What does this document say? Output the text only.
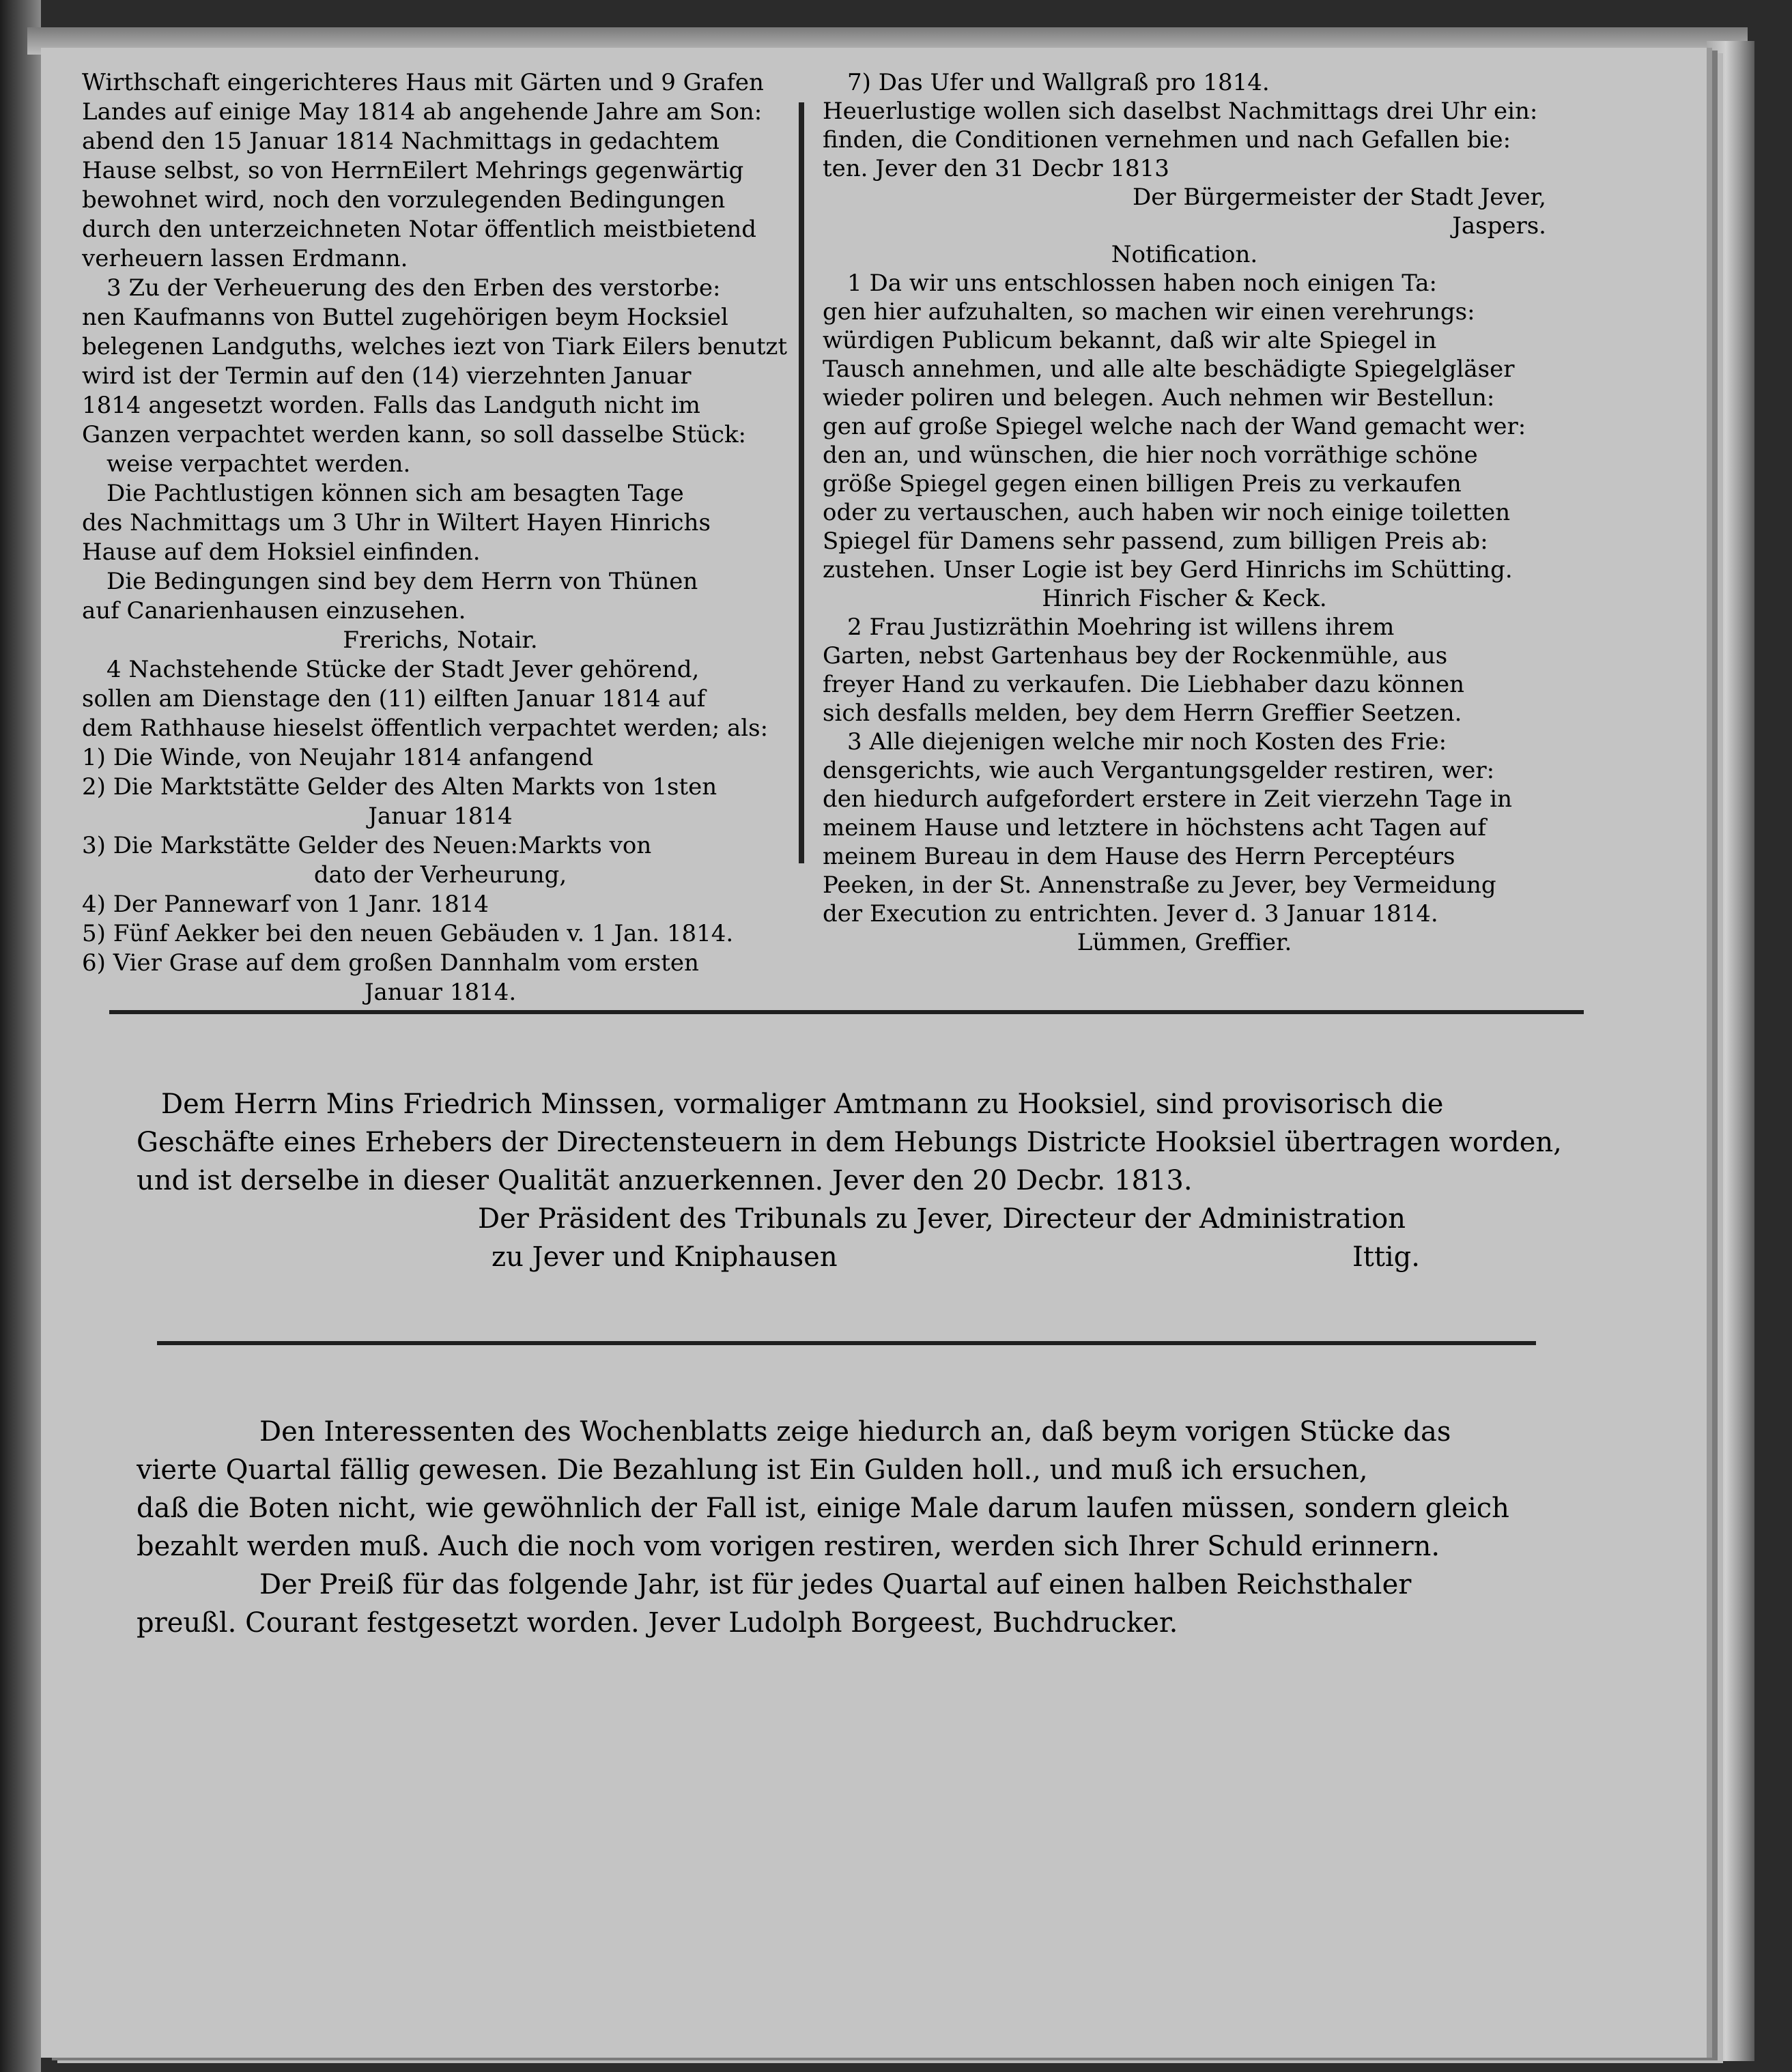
Wirthschaft eingerichteres Haus mit Gärten und 9 Grafen
Landes auf einige May 1814 ab angehende Jahre am Son:
abend den 15 Januar 1814 Nachmittags in gedachtem
Hause selbst, so von HerrnEilert Mehrings gegenwärtig
bewohnet wird, noch den vorzulegenden Bedingungen
durch den unterzeichneten Notar öffentlich meistbietend
verheuern lassen Erdmann.
3 Zu der Verheuerung des den Erben des verstorbe:
nen Kaufmanns von Buttel zugehörigen beym Hocksiel
belegenen Landguths, welches iezt von Tiark Eilers benutzt
wird ist der Termin auf den (14) vierzehnten Januar
1814 angesetzt worden. Falls das Landguth nicht im
Ganzen verpachtet werden kann, so soll dasselbe Stück:
weise verpachtet werden.
Die Pachtlustigen können sich am besagten Tage
des Nachmittags um 3 Uhr in Wiltert Hayen Hinrichs
Hause auf dem Hoksiel einfinden.
Die Bedingungen sind bey dem Herrn von Thünen
auf Canarienhausen einzusehen.
Frerichs, Notair.
4 Nachstehende Stücke der Stadt Jever gehörend,
sollen am Dienstage den (11) eilften Januar 1814 auf
dem Rathhause hieselst öffentlich verpachtet werden; als:
1) Die Winde, von Neujahr 1814 anfangend
2) Die Marktstätte Gelder des Alten Markts von 1sten
Januar 1814
3) Die Markstätte Gelder des Neuen:Markts von
dato der Verheurung,
4) Der Pannewarf von 1 Janr. 1814
5) Fünf Aekker bei den neuen Gebäuden v. 1 Jan. 1814.
6) Vier Grase auf dem großen Dannhalm vom ersten
Januar 1814.
7) Das Ufer und Wallgraß pro 1814.
Heuerlustige wollen sich daselbst Nachmittags drei Uhr ein:
finden, die Conditionen vernehmen und nach Gefallen bie:
ten. Jever den 31 Decbr 1813
Der Bürgermeister der Stadt Jever,
Jaspers.
Notification.
1 Da wir uns entschlossen haben noch einigen Ta:
gen hier aufzuhalten, so machen wir einen verehrungs:
würdigen Publicum bekannt, daß wir alte Spiegel in
Tausch annehmen, und alle alte beschädigte Spiegelgläser
wieder poliren und belegen. Auch nehmen wir Bestellun:
gen auf große Spiegel welche nach der Wand gemacht wer:
den an, und wünschen, die hier noch vorräthige schöne
größe Spiegel gegen einen billigen Preis zu verkaufen
oder zu vertauschen, auch haben wir noch einige toiletten
Spiegel für Damens sehr passend, zum billigen Preis ab:
zustehen. Unser Logie ist bey Gerd Hinrichs im Schütting.
Hinrich Fischer & Keck.
2 Frau Justizräthin Moehring ist willens ihrem
Garten, nebst Gartenhaus bey der Rockenmühle, aus
freyer Hand zu verkaufen. Die Liebhaber dazu können
sich desfalls melden, bey dem Herrn Greffier Seetzen.
3 Alle diejenigen welche mir noch Kosten des Frie:
densgerichts, wie auch Vergantungsgelder restiren, wer:
den hiedurch aufgefordert erstere in Zeit vierzehn Tage in
meinem Hause und letztere in höchstens acht Tagen auf
meinem Bureau in dem Hause des Herrn Perceptéurs
Peeken, in der St. Annenstraße zu Jever, bey Vermeidung
der Execution zu entrichten. Jever d. 3 Januar 1814.
Lümmen, Greffier.
Dem Herrn Mins Friedrich Minssen, vormaliger Amtmann zu Hooksiel, sind provisorisch die
Geschäfte eines Erhebers der Directensteuern in dem Hebungs Districte Hooksiel übertragen worden,
und ist derselbe in dieser Qualität anzuerkennen. Jever den 20 Decbr. 1813.
Der Präsident des Tribunals zu Jever, Directeur der Administration
zu Jever und Kniphausen	Ittig.
Den Interessenten des Wochenblatts zeige hiedurch an, daß beym vorigen Stücke das
vierte Quartal fällig gewesen. Die Bezahlung ist Ein Gulden holl., und muß ich ersuchen,
daß die Boten nicht, wie gewöhnlich der Fall ist, einige Male darum laufen müssen, sondern gleich
bezahlt werden muß. Auch die noch vom vorigen restiren, werden sich Ihrer Schuld erinnern.
Der Preiß für das folgende Jahr, ist für jedes Quartal auf einen halben Reichsthaler
preußl. Courant festgesetzt worden. Jever Ludolph Borgeest, Buchdrucker.
